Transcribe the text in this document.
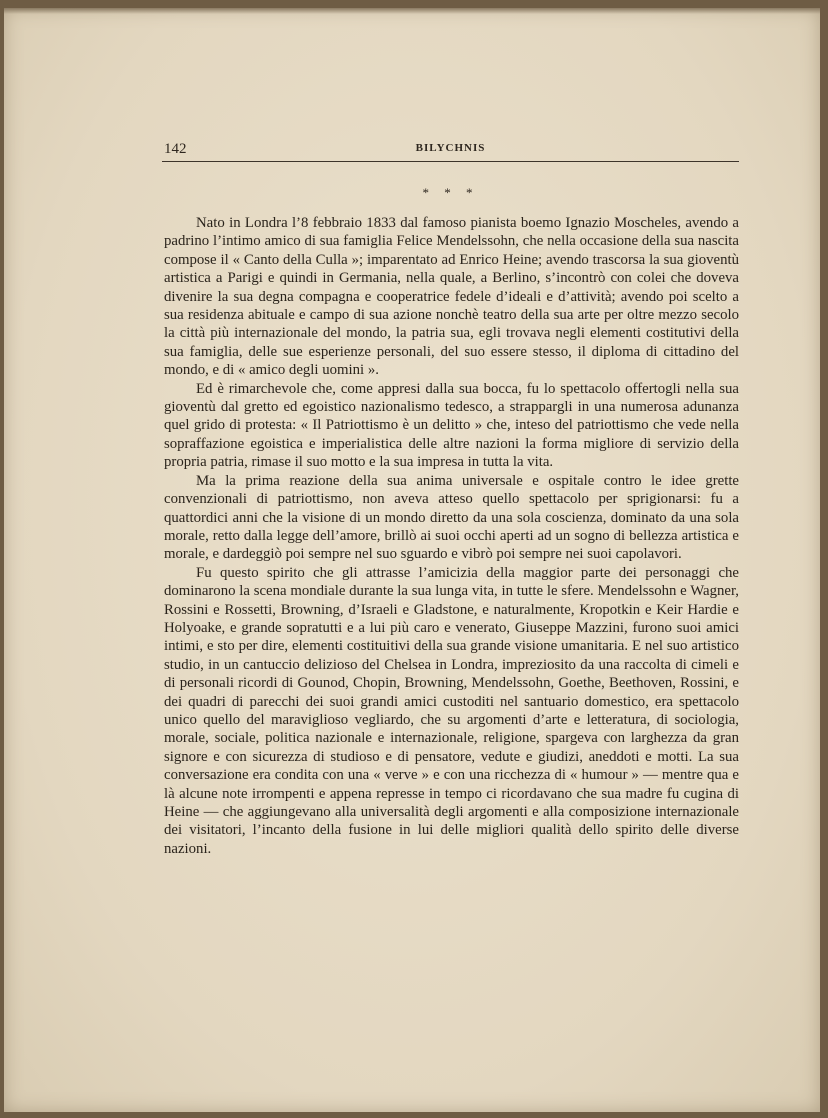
142	BILYCHNIS
* * *

Nato in Londra l’8 febbraio 1833 dal famoso pianista boemo Ignazio Moscheles, avendo a padrino l’intimo amico di sua famiglia Felice Mendelssohn, che nella occasione della sua nascita compose il « Canto della Culla »; imparentato ad Enrico Heine; avendo trascorsa la sua gioventù artistica a Parigi e quindi in Germania, nella quale, a Berlino, s’incontrò con colei che doveva divenire la sua degna compagna e cooperatrice fedele d’ideali e d’attività; avendo poi scelto a sua residenza abituale e campo di sua azione nonchè teatro della sua arte per oltre mezzo secolo la città più internazionale del mondo, la patria sua, egli trovava negli elementi costitutivi della sua famiglia, delle sue esperienze personali, del suo essere stesso, il diploma di cittadino del mondo, e di « amico degli uomini ».

Ed è rimarchevole che, come appresi dalla sua bocca, fu lo spettacolo offertogli nella sua gioventù dal gretto ed egoistico nazionalismo tedesco, a strappargli in una numerosa adunanza quel grido di protesta: « Il Patriottismo è un delitto » che, inteso del patriottismo che vede nella sopraffazione egoistica e imperialistica delle altre nazioni la forma migliore di servizio della propria patria, rimase il suo motto e la sua impresa in tutta la vita.

Ma la prima reazione della sua anima universale e ospitale contro le idee grette convenzionali di patriottismo, non aveva atteso quello spettacolo per sprigionarsi: fu a quattordici anni che la visione di un mondo diretto da una sola coscienza, dominato da una sola morale, retto dalla legge dell’amore, brillò ai suoi occhi aperti ad un sogno di bellezza artistica e morale, e dardeggiò poi sempre nel suo sguardo e vibrò poi sempre nei suoi capolavori.

Fu questo spirito che gli attrasse l’amicizia della maggior parte dei personaggi che dominarono la scena mondiale durante la sua lunga vita, in tutte le sfere. Mendelssohn e Wagner, Rossini e Rossetti, Browning, d’Israeli e Gladstone, e naturalmente, Kropotkin e Keir Hardie e Holyoake, e grande sopratutti e a lui più caro e venerato, Giuseppe Mazzini, furono suoi amici intimi, e sto per dire, elementi costituitivi della sua grande visione umanitaria. E nel suo artistico studio, in un cantuccio delizioso del Chelsea in Londra, impreziosito da una raccolta di cimeli e di personali ricordi di Gounod, Chopin, Browning, Mendelssohn, Goethe, Beethoven, Rossini, e dei quadri di parecchi dei suoi grandi amici custoditi nel santuario domestico, era spettacolo unico quello del maraviglioso vegliardo, che su argomenti d’arte e letteratura, di sociologia, morale, sociale, politica nazionale e internazionale, religione, spargeva con larghezza da gran signore e con sicurezza di studioso e di pensatore, vedute e giudizi, aneddoti e motti. La sua conversazione era condita con una « verve » e con una ricchezza di « humour » — mentre qua e là alcune note irrompenti e appena represse in tempo ci ricordavano che sua madre fu cugina di Heine — che aggiungevano alla universalità degli argomenti e alla composizione internazionale dei visitatori, l’incanto della fusione in lui delle migliori qualità dello spirito delle diverse nazioni.
